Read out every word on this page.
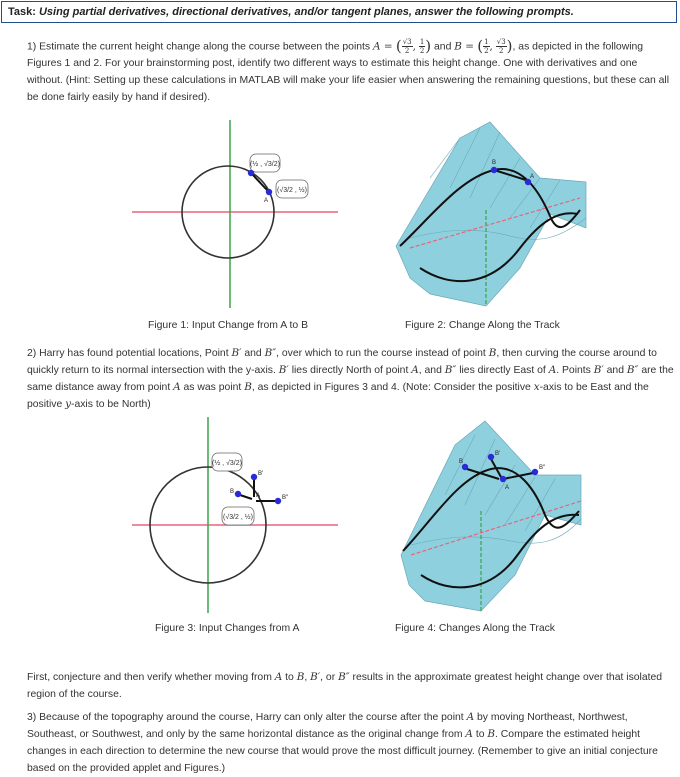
Task: Using partial derivatives, directional derivatives, and/or tangent planes, answer the following prompts.
1) Estimate the current height change along the course between the points A = ( $\frac{√3}{2}$ , $\frac{1}{2}$ ) and B = ( $\frac{1}{2}$ , $\frac{√3}{2}$ ), as depicted in the following Figures 1 and 2. For your brainstorming post, identify two different ways to estimate this height change. One with derivatives and one without. (Hint: Setting up these calculations in MATLAB will make your life easier when answering the remaining questions, but these can all be done fairly easily by hand if desired).
(½ , √3/2)
(√3/2 , ½)
A
Figure 1: Input Change from A to B
B
A
Figure 2: Change Along the Track
2) Harry has found potential locations, Point B′ and B″, over which to run the course instead of point B, then curving the course around to quickly return to its normal intersection with the y-axis. B′ lies directly North of point A, and B″ lies directly East of A. Points B′ and B″ are the same distance away from point A as was point B, as depicted in Figures 3 and 4. (Note: Consider the positive x-axis to be East and the positive y-axis to be North)
(½ , √3/2)
(√3/2 , ½)
B′
B
A	B″
Figure 3: Input Changes from A
B′
B
A
B″
Figure 4: Changes Along the Track
First, conjecture and then verify whether moving from A to B, B′, or B″ results in the approximate greatest height change over that isolated region of the course.
3) Because of the topography around the course, Harry can only alter the course after the point A by moving Northeast, Northwest, Southeast, or Southwest, and only by the same horizontal distance as the original change from A to B. Compare the estimated height changes in each direction to determine the new course that would prove the most difficult journey. (Remember to give an initial conjecture based on the provided applet and Figures.)
